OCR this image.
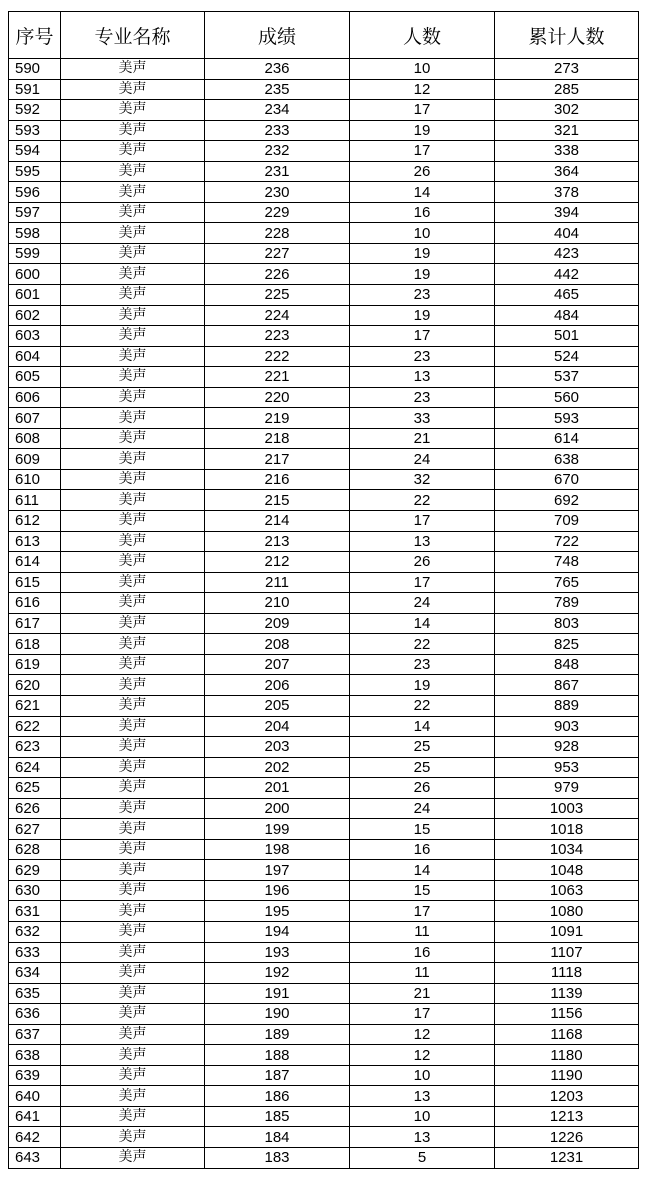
序号	专业名称	成绩	人数	累计人数
590	美声	236	10	273
591	美声	235	12	285
592	美声	234	17	302
593	美声	233	19	321
594	美声	232	17	338
595	美声	231	26	364
596	美声	230	14	378
597	美声	229	16	394
598	美声	228	10	404
599	美声	227	19	423
600	美声	226	19	442
601	美声	225	23	465
602	美声	224	19	484
603	美声	223	17	501
604	美声	222	23	524
605	美声	221	13	537
606	美声	220	23	560
607	美声	219	33	593
608	美声	218	21	614
609	美声	217	24	638
610	美声	216	32	670
611	美声	215	22	692
612	美声	214	17	709
613	美声	213	13	722
614	美声	212	26	748
615	美声	211	17	765
616	美声	210	24	789
617	美声	209	14	803
618	美声	208	22	825
619	美声	207	23	848
620	美声	206	19	867
621	美声	205	22	889
622	美声	204	14	903
623	美声	203	25	928
624	美声	202	25	953
625	美声	201	26	979
626	美声	200	24	1003
627	美声	199	15	1018
628	美声	198	16	1034
629	美声	197	14	1048
630	美声	196	15	1063
631	美声	195	17	1080
632	美声	194	11	1091
633	美声	193	16	1107
634	美声	192	11	1118
635	美声	191	21	1139
636	美声	190	17	1156
637	美声	189	12	1168
638	美声	188	12	1180
639	美声	187	10	1190
640	美声	186	13	1203
641	美声	185	10	1213
642	美声	184	13	1226
643	美声	183	5	1231
